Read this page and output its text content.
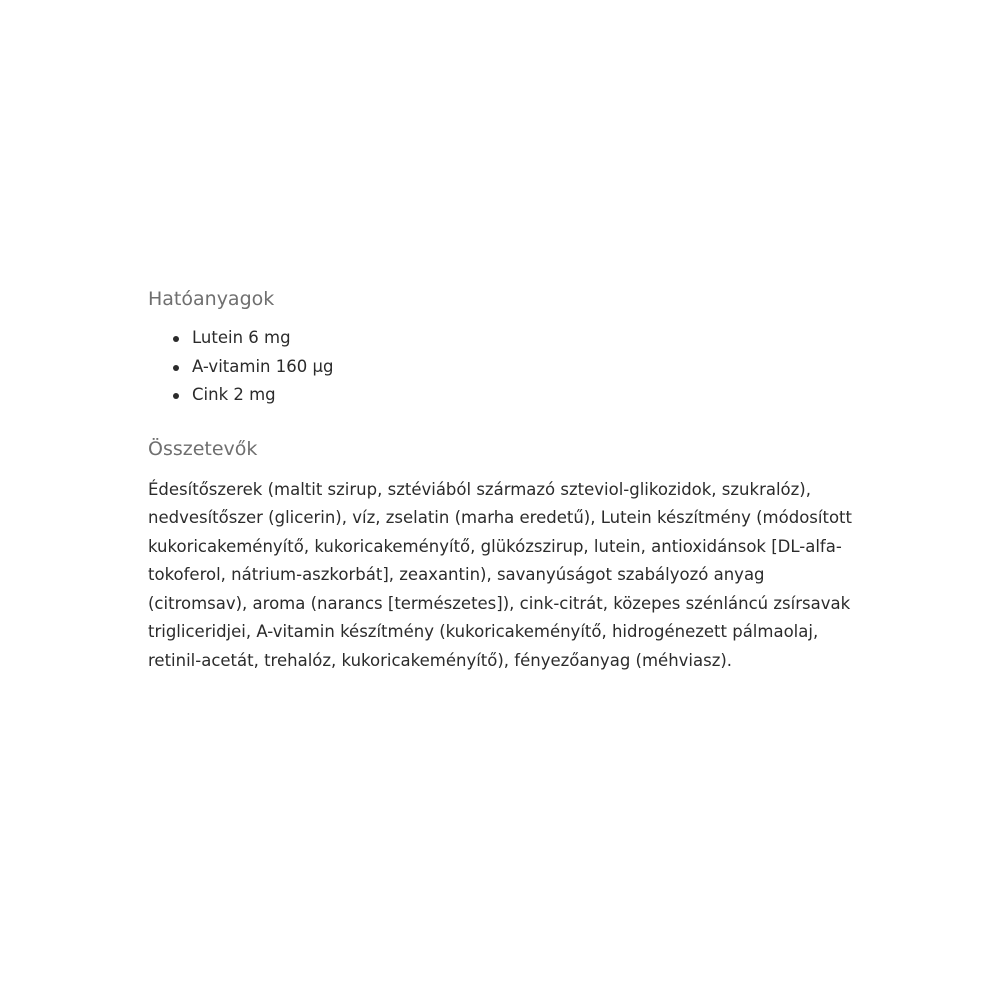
Hatóanyagok
Lutein 6 mg
A-vitamin 160 µg
Cink 2 mg
Összetevők

Édesítőszerek (maltit szirup, sztéviából származó szteviol-glikozidok, szukralóz), nedvesítőszer (glicerin), víz, zselatin (marha eredetű), Lutein készítmény (módosított kukoricakeményítő, kukoricakeményítő, glükózszirup, lutein, antioxidánsok [DL-alfa-tokoferol, nátrium-aszkorbát], zeaxantin), savanyúságot szabályozó anyag (citromsav), aroma (narancs [természetes]), cink-citrát, közepes szénláncú zsírsavak trigliceridjei, A-vitamin készítmény (kukoricakeményítő, hidrogénezett pálmaolaj, retinil-acetát, trehalóz, kukoricakeményítő), fényezőanyag (méhviasz).
